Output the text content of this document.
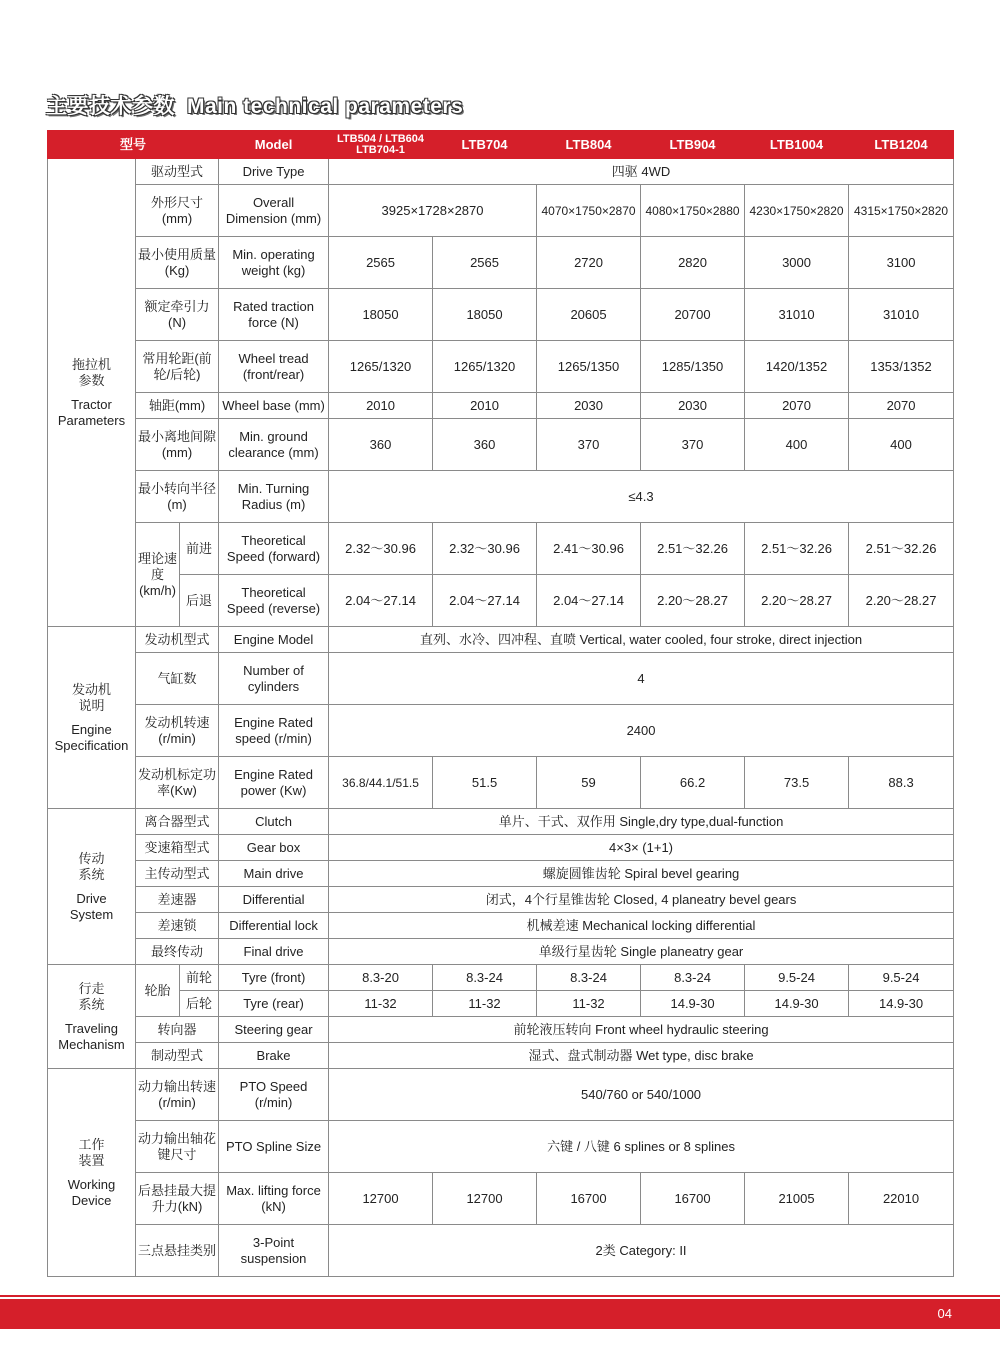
主要技术参数 Main technical parameters
型号			Model	LTB504 / LTB604 LTB704-1	LTB704	LTB804	LTB904	LTB1004	LTB1204

拖拉机参数
Tractor Parameters	驱动型式		Drive Type	四驱 4WD					
	外形尺寸(mm)		Overall Dimension (mm)	3925×1728×2870		4070×1750×2870	4080×1750×2880	4230×1750×2820	4315×1750×2820
	最小使用质量(Kg)		Min. operating weight (kg)	2565	2565	2720	2820	3000	3100
	额定牵引力(N)		Rated traction force (N)	18050	18050	20605	20700	31010	31010
	常用轮距(前轮/后轮)		Wheel tread (front/rear)	1265/1320	1265/1320	1265/1350	1285/1350	1420/1352	1353/1352
	轴距(mm)		Wheel base (mm)	2010	2010	2030	2030	2070	2070
	最小离地间隙 (mm)		Min. ground clearance (mm)	360	360	370	370	400	400
	最小转向半径(m)		Min. Turning Radius (m)	≤4.3					
	理论速度(km/h)	前进	Theoretical Speed (forward)	2.32～30.96	2.32～30.96	2.41～30.96	2.51～32.26	2.51～32.26	2.51～32.26
		后退	Theoretical Speed (reverse)	2.04～27.14	2.04～27.14	2.04～27.14	2.20～28.27	2.20～28.27	2.20～28.27

发动机说明
Engine Specification	发动机型式		Engine Model	直列、水冷、四冲程、直喷 Vertical, water cooled, four stroke, direct injection					
	气缸数		Number of cylinders	4					
	发动机转速(r/min)		Engine Rated speed (r/min)	2400					
	发动机标定功率(Kw)		Engine Rated power (Kw)	36.8/44.1/51.5	51.5	59	66.2	73.5	88.3

传动系统
Drive System	离合器型式		Clutch	单片、干式、双作用 Single,dry type,dual-function					
	变速箱型式		Gear box	4×3× (1+1)					
	主传动型式		Main drive	螺旋圆锥齿轮 Spiral bevel gearing					
	差速器		Differential	闭式，4个行星锥齿轮 Closed, 4 planeatry bevel gears					
	差速锁		Differential lock	机械差速 Mechanical locking differential					
	最终传动		Final drive	单级行星齿轮 Single planeatry gear					

行走系统
Traveling Mechanism	轮胎	前轮	Tyre (front)	8.3-20	8.3-24	8.3-24	8.3-24	9.5-24	9.5-24
		后轮	Tyre (rear)	11-32	11-32	11-32	14.9-30	14.9-30	14.9-30
	转向器		Steering gear	前轮液压转向 Front wheel hydraulic steering					
	制动型式		Brake	湿式、盘式制动器 Wet type, disc brake					

工作装置
Working Device	动力输出转速(r/min)		PTO Speed (r/min)	540/760 or 540/1000					
	动力输出轴花键尺寸		PTO Spline Size	六键 / 八键 6 splines or 8 splines					
	后悬挂最大提升力(kN)		Max. lifting force (kN)	12700	12700	16700	16700	21005	22010
	三点悬挂类别		3-Point suspension	2类 Category: II					
04
